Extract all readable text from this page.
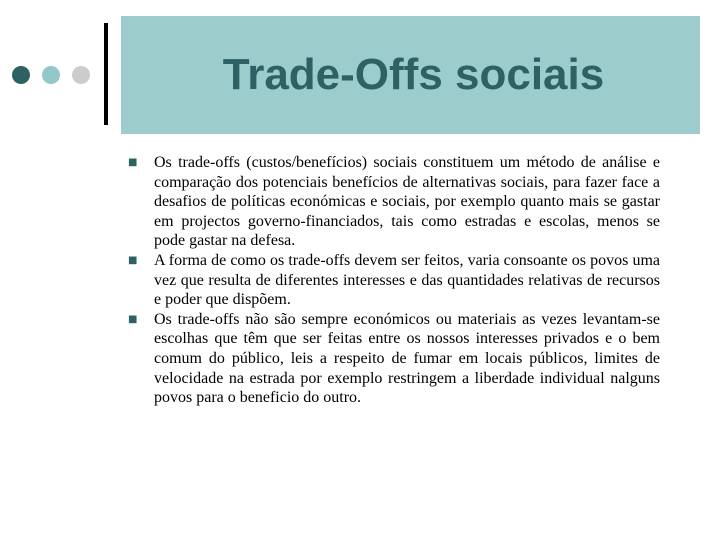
Trade-Offs sociais
■ Os trade-offs (custos/benefícios) sociais constituem um método de análise e comparação dos potenciais benefícios de alternativas sociais, para fazer face a desafios de políticas económicas e sociais, por exemplo quanto mais se gastar em projectos governo-financiados, tais como estradas e escolas, menos se pode gastar na defesa.
■ A forma de como os trade-offs devem ser feitos, varia consoante os povos uma vez que resulta de diferentes interesses e das quantidades relativas de recursos e poder que dispõem.
■ Os trade-offs não são sempre económicos ou materiais as vezes levantam-se escolhas que têm que ser feitas entre os nossos interesses privados e o bem comum do público, leis a respeito de fumar em locais públicos, limites de velocidade na estrada por exemplo restringem a liberdade individual nalguns povos para o beneficio do outro.
